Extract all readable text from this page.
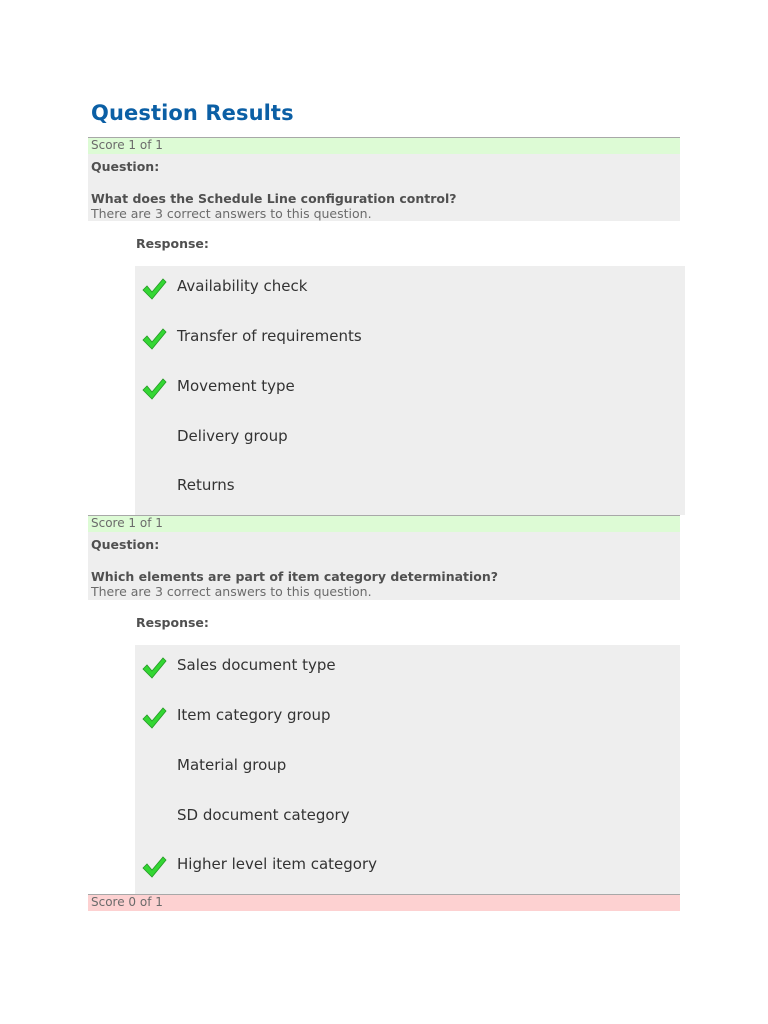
Question Results
Score 1 of 1
Question:
What does the Schedule Line configuration control?
There are 3 correct answers to this question.
Response:
Availability check
Transfer of requirements
Movement type
Delivery group
Returns
Score 1 of 1
Question:
Which elements are part of item category determination?
There are 3 correct answers to this question.
Response:
Sales document type
Item category group
Material group
SD document category
Higher level item category
Score 0 of 1
